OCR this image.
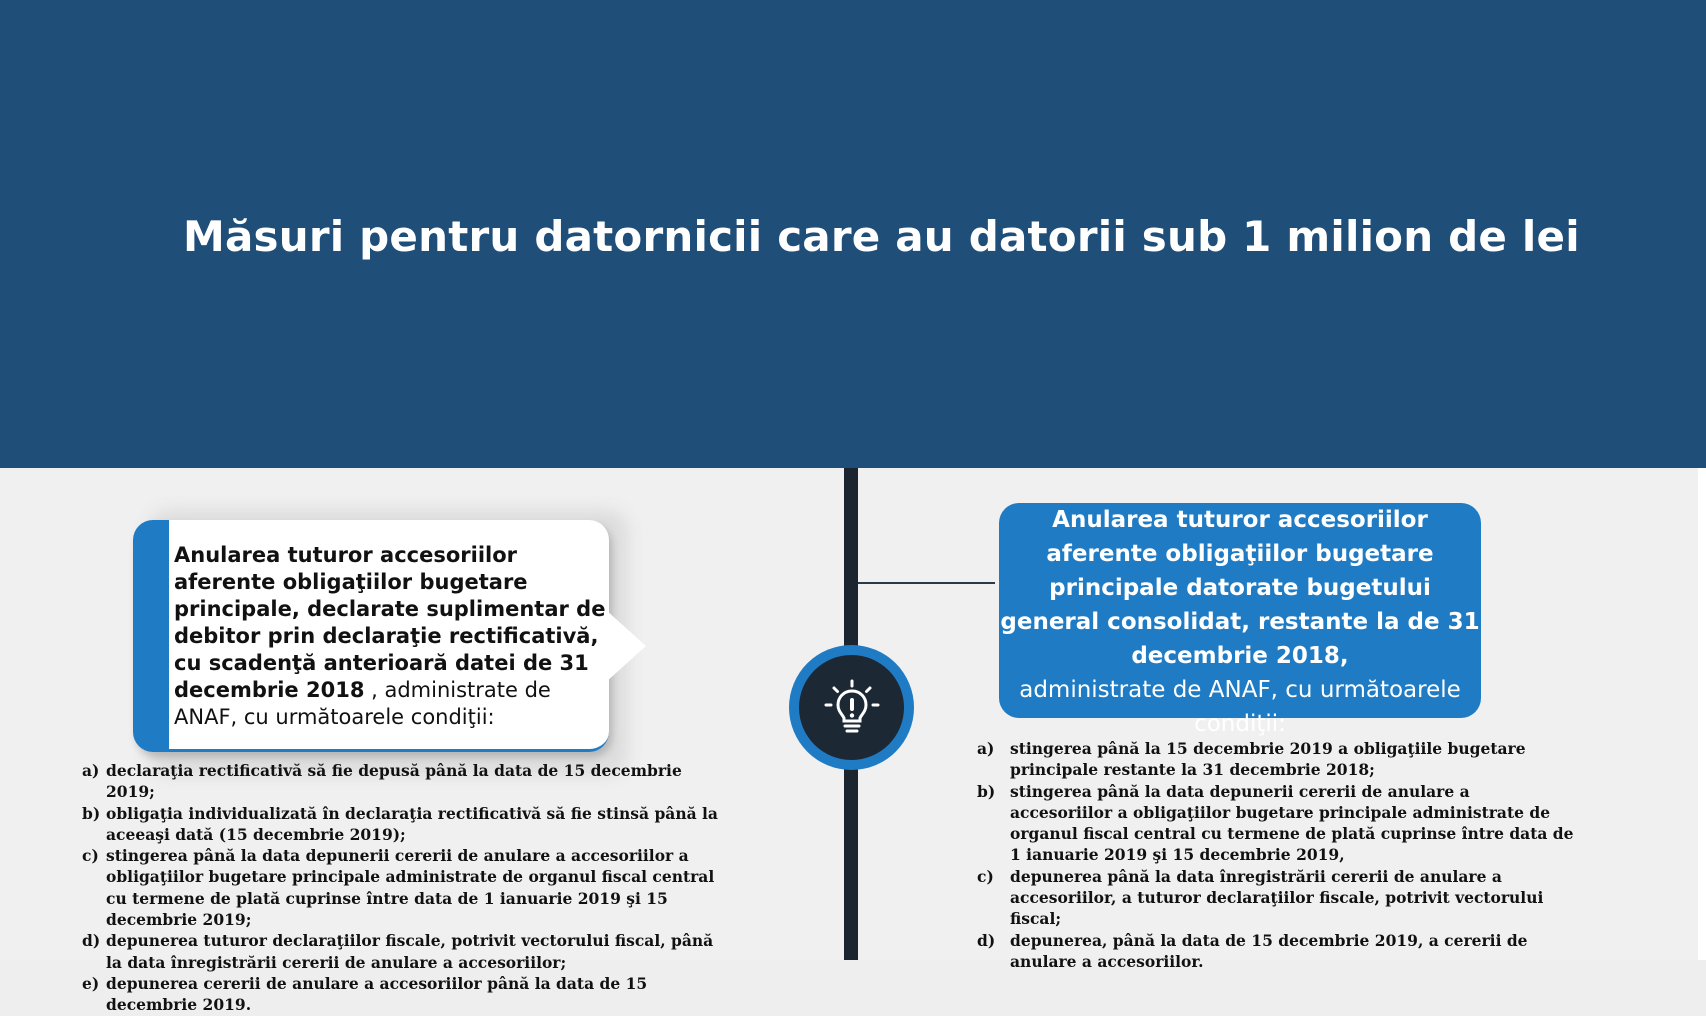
Măsuri pentru datornicii care au datorii sub 1 milion de lei
Anularea tuturor accesoriilor aferente obligaţiilor bugetare principale, declarate suplimentar de debitor prin declaraţie rectificativă, cu scadenţă anterioară datei de 31 decembrie 2018 , administrate de ANAF, cu următoarele condiţii:
a) declaraţia rectificativă să fie depusă până la data de 15 decembrie 2019;
b) obligaţia individualizată în declaraţia rectificativă să fie stinsă până la aceeaşi dată (15 decembrie 2019);
c) stingerea până la data depunerii cererii de anulare a accesoriilor a obligaţiilor bugetare principale administrate de organul fiscal central cu termene de plată cuprinse între data de 1 ianuarie 2019 şi 15 decembrie 2019;
d) depunerea tuturor declaraţiilor fiscale, potrivit vectorului fiscal, până la data înregistrării cererii de anulare a accesoriilor;
e) depunerea cererii de anulare a accesoriilor până la data de 15 decembrie 2019.
Anularea tuturor accesoriilor aferente obligaţiilor bugetare principale datorate bugetului general consolidat, restante la de 31 decembrie 2018,
administrate de ANAF, cu următoarele condiţii:
a) stingerea până la 15 decembrie 2019 a obligaţiile bugetare principale restante la 31 decembrie 2018;
b) stingerea până la data depunerii cererii de anulare a accesoriilor a obligaţiilor bugetare principale administrate de organul fiscal central cu termene de plată cuprinse între data de 1 ianuarie 2019 şi 15 decembrie 2019,
c) depunerea până la data înregistrării cererii de anulare a accesoriilor, a tuturor declaraţiilor fiscale, potrivit vectorului fiscal;
d) depunerea, până la data de 15 decembrie 2019, a cererii de anulare a accesoriilor.
